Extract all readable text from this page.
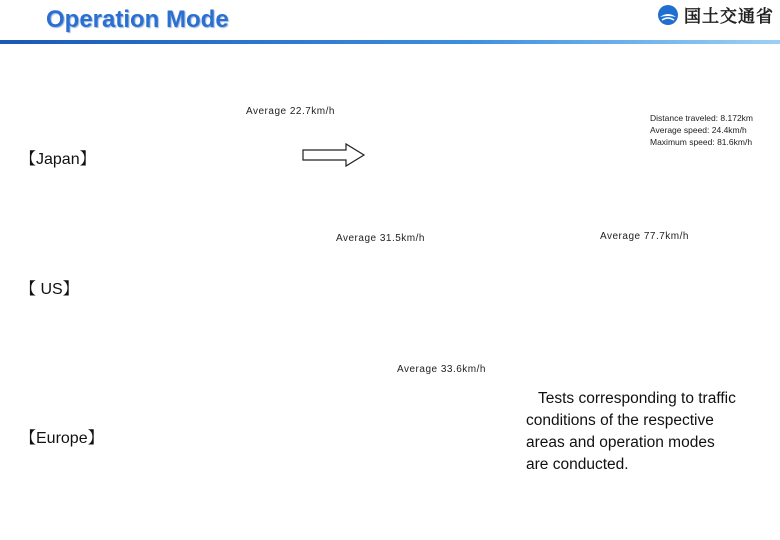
Operation Mode	国土交通省
Average 22.7km/h
Distance traveled: 8.172km
Average speed: 24.4km/h
Maximum speed: 81.6km/h
【Japan】
Average 31.5km/h	Average 77.7km/h
【 US】
Average 33.6km/h
【Europe】
Tests corresponding to traffic conditions of the respective areas and operation modes are conducted.
